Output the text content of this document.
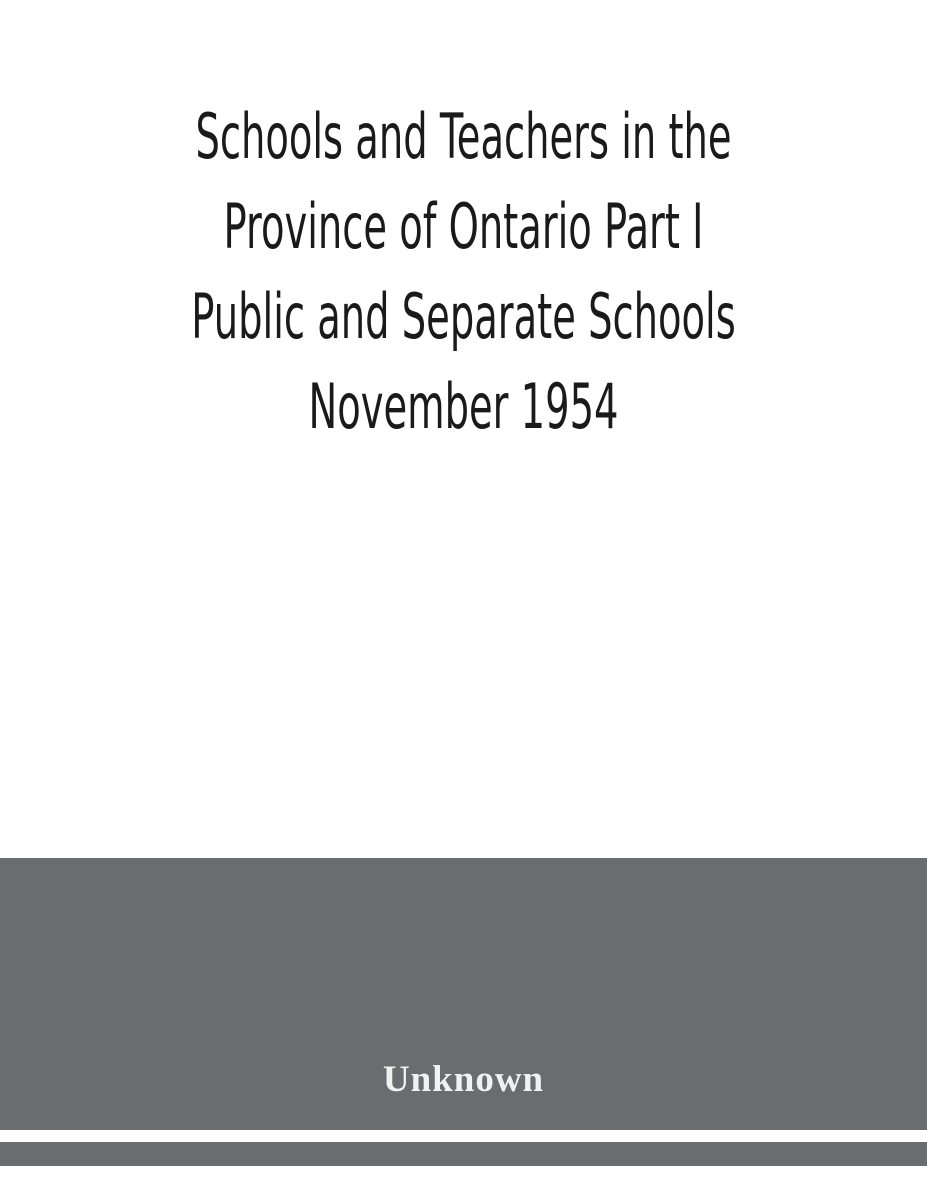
Schools and Teachers in the
Province of Ontario Part I
Public and Separate Schools
November 1954
Unknown
